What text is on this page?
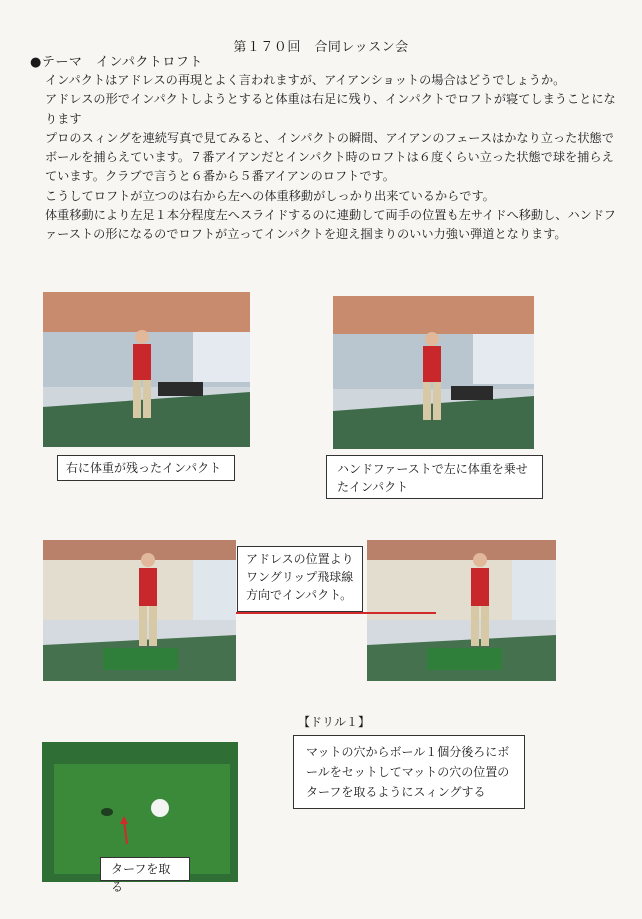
第１７０回　合同レッスン会
●テーマ　インパクトロフト
インパクトはアドレスの再現とよく言われますが、アイアンショットの場合はどうでしょうか。
アドレスの形でインパクトしようとすると体重は右足に残り、インパクトでロフトが寝てしまうことになります
プロのスィングを連続写真で見てみると、インパクトの瞬間、アイアンのフェースはかなり立った状態でボールを捕らえています。７番アイアンだとインパクト時のロフトは６度くらい立った状態で球を捕らえています。クラブで言うと６番から５番アイアンのロフトです。
こうしてロフトが立つのは右から左への体重移動がしっかり出来ているからです。
体重移動により左足１本分程度左へスライドするのに連動して両手の位置も左サイドへ移動し、ハンドファーストの形になるのでロフトが立ってインパクトを迎え掴まりのいい力強い弾道となります。
右に体重が残ったインパクト	ハンドファーストで左に体重を乗せたインパクト
アドレスの位置よりワングリップ飛球線方向でインパクト。
【ドリル１】
マットの穴からボール１個分後ろにボールをセットしてマットの穴の位置のターフを取るようにスィングする
ターフを取る
